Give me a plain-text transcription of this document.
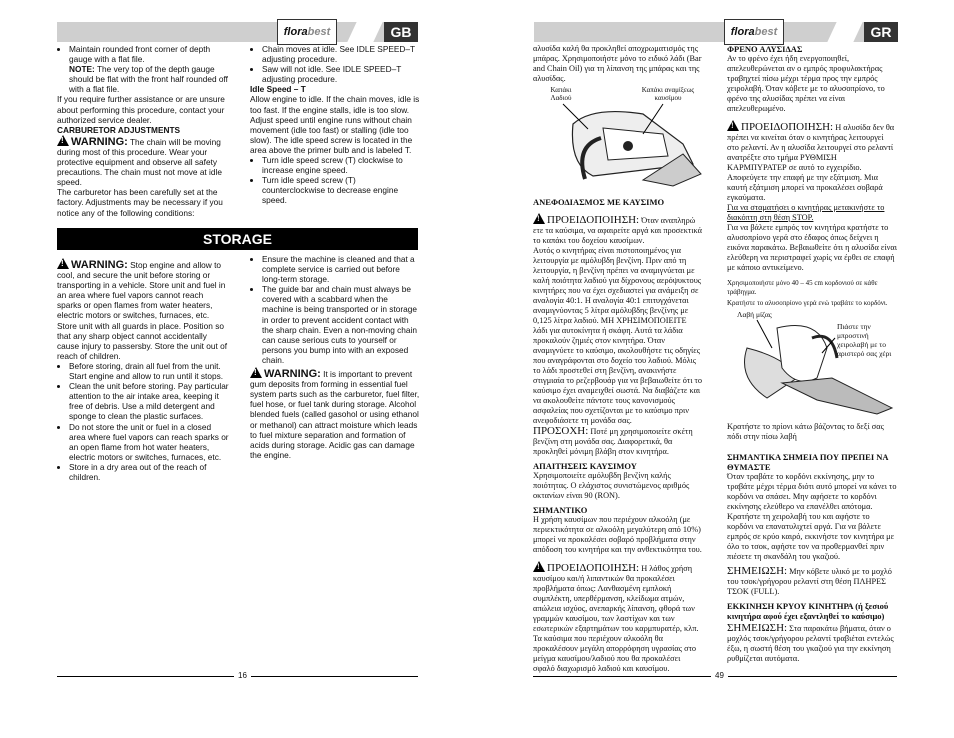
florabest	GB
• Maintain rounded front corner of depth gauge with a flat file.

NOTE: The very top of the depth gauge should be flat with the front half rounded off with a flat file.

If you require further assistance or are unsure about performing this procedure, contact your authorized service dealer.

CARBURETOR ADJUSTMENTS

!WARNING: The chain will be moving during most of this procedure. Wear your protective equipment and observe all safety precautions. The chain must not move at idle speed.

The carburetor has been carefully set at the factory. Adjustments may be necessary if you notice any of the following conditions:

• Chain moves at idle. See IDLE SPEED–T adjusting procedure.
• Saw will not idle. See IDLE SPEED–T adjusting procedure.

Idle Speed – T

Allow engine to idle. If the chain moves, idle is too fast. If the engine stalls, idle is too slow. Adjust speed until engine runs without chain movement (idle too fast) or stalling (idle too slow). The idle speed screw is located in the area above the primer bulb and is labeled T.

• Turn idle speed screw (T) clockwise to increase engine speed.
• Turn idle speed screw (T) counterclockwise to decrease engine speed.
STORAGE

!WARNING: Stop engine and allow to cool, and secure the unit before storing or transporting in a vehicle. Store unit and fuel in an area where fuel vapors cannot reach sparks or open flames from water heaters, electric motors or switches, furnaces, etc. Store unit with all guards in place. Position so that any sharp object cannot accidentally cause injury to passersby. Store the unit out of reach of children.

• Before storing, drain all fuel from the unit. Start engine and allow to run until it stops.
• Clean the unit before storing. Pay particular attention to the air intake area, keeping it free of debris. Use a mild detergent and sponge to clean the plastic surfaces.
• Do not store the unit or fuel in a closed area where fuel vapors can reach sparks or an open flame from hot water heaters, electric motors or switches, furnaces, etc.
• Store in a dry area out of the reach of children.
• Ensure the machine is cleaned and that a complete service is carried out before long-term storage.
• The guide bar and chain must always be covered with a scabbard when the machine is being transported or in storage in order to prevent accident contact with the sharp chain. Even a non-moving chain can cause serious cuts to yourself or persons you bump into with an exposed chain.

!WARNING: It is important to prevent gum deposits from forming in essential fuel system parts such as the carburetor, fuel filter, fuel hose, or fuel tank during storage. Alcohol blended fuels (called gasohol or using ethanol or methanol) can attract moisture which leads to fuel mixture separation and formation of acids during storage. Acidic gas can damage the engine.

16
florabest	GR

αλυσίδα καλή θα προκληθεί αποχρωματισμός της μπάρας. Χρησιμοποιήστε μόνο το ειδικό λάδι (Bar and Chain Oil) για τη λίπανση της μπάρας και της αλυσίδας.

Καπάκι Λαδιού
Καπάκι αναμίξεως καυσίμου
ΑΝΕΦΟΔΙΑΣΜΟΣ ΜΕ ΚΑΥΣΙΜΟ

!ΠΡΟΕΙΔΟΠΟΙΗΣΗ: Όταν αναπληρώ ετε τα καύσιμα, να αφαιρείτε αργά και προσεκτικά το καπάκι του δοχείου καυσίμων.

Αυτός ο κινητήρας είναι πιστοποιημένος για λειτουργία με αμόλυβδη βενζίνη. Πριν από τη λειτουργία, η βενζίνη πρέπει να αναμιγνύεται με καλή ποιότητα λαδιού για δίχρονους αερόψυκτους κινητήρες που να έχει σχεδιαστεί για ανάμειξη σε αναλογία 40:1. Η αναλογία 40:1 επιτυγχάνεται αναμιγνύοντας 5 λίτρα αμόλυβδης βενζίνης με 0,125 λίτρα λαδιού. ΜΗ ΧΡΗΣΙΜΟΠΟΙΕΙΤΕ λάδι για αυτοκίνητα ή σκάφη. Αυτά τα λάδια προκαλούν ζημιές στον κινητήρα. Όταν αναμιγνύετε το καύσιμο, ακολουθήστε τις οδηγίες που αναγράφονται στο δοχείο του λαδιού. Μόλις το λάδι προστεθεί στη βενζίνη, ανακινήστε στιγμιαία το ρεζερβουάρ για να βεβαιωθείτε ότι το καύσιμο έχει αναμειχθεί σωστά. Να διαβάζετε και να ακολουθείτε πάντοτε τους κανονισμούς ασφαλείας που σχετίζονται με το καύσιμο πριν ανεφοδιάσετε τη μονάδα σας.

ΠΡΟΣΟΧΗ: Ποτέ μη χρησιμοποιείτε σκέτη βενζίνη στη μονάδα σας. Διαφορετικά, θα προκληθεί μόνιμη βλάβη στον κινητήρα.

ΑΠΑΙΤΗΣΕΙΣ ΚΑΥΣΙΜΟΥ

Χρησιμοποιείτε αμόλυβδη βενζίνη καλής ποιότητας. Ο ελάχιστος συνιστώμενος αριθμός οκτανίων είναι 90 (RON).

ΣΗΜΑΝΤΙΚΟ

Η χρήση καυσίμων που περιέχουν αλκοόλη (με περιεκτικότητα σε αλκοόλη μεγαλύτερη από 10%) μπορεί να προκαλέσει σοβαρό προβλήματα στην απόδοση του κινητήρα και την ανθεκτικότητα του.

!ΠΡΟΕΙΔΟΠΟΙΗΣΗ: Η λάθος χρήση καυσίμου και/ή λιπαντικών θα προκαλέσει προβλήματα όπως: Λανθασμένη εμπλοκή συμπλέκτη, υπερθέρμανση, κλείδωμα ατμών, απώλεια ισχύος, ανεπαρκής λίπανση, φθορά των γραμμών καυσίμου, των λαστίχων και των εσωτερικών εξαρτημάτων του καρμπυρατέρ, κλπ. Τα καύσιμα που περιέχουν αλκοόλη θα προκαλέσουν μεγάλη απορρόφηση υγρασίας στο μείγμα καυσίμου/λαδιού που θα προκαλέσει σφαλό διαχωρισμό λαδιού και καυσίμου.

ΦΡΕΝΟ ΑΛΥΣΙΔΑΣ

Αν το φρένο έχει ήδη ενεργοποιηθεί, απελευθερώνεται αν ο εμπρός προφυλακτήρας τραβηχτεί πίσω μέχρι τέρμα προς την εμπρός χειρολαβή. Όταν κόβετε με το αλυσοπρίονο, το φρένο της αλυσίδας πρέπει να είναι απελευθερωμένο.

!ΠΡΟΕΙΔΟΠΟΙΗΣΗ: Η αλυσίδα δεν θα πρέπει να κινείται όταν ο κινητήρας λειτουργεί στο ρελαντί. Αν η αλυσίδα λειτουργεί στο ρελαντί ανατρέξτε στο τμήμα ΡΥΘΜΙΣΗ ΚΑΡΜΠΥΡΑΤΕΡ σε αυτό το εγχειρίδιο. Αποφεύγετε την επαφή με την εξάτμιση. Μια καυτή εξάτμιση μπορεί να προκαλέσει σοβαρά εγκαύματα.

Για να σταματήσει ο κινητήρας μετακινήστε το διακόπτη στη θέση STOP.

Για να βάλετε εμπρός τον κινητήρα κρατήστε το αλυσοπρίονο γερά στο έδαφος όπως δείχνει η εικόνα παρακάτω. Βεβαιωθείτε ότι η αλυσίδα είναι ελεύθερη να περιστραφεί χωρίς να έρθει σε επαφή με κάποιο αντικείμενο.

Χρησιμοποιήστε μόνο 40 – 45 cm κορδονιού σε κάθε τράβηγμα.

Κρατήστε το αλυσοπρίονο γερά ενώ τραβάτε το κορδόνι.

Λαβή μίζας
Πιάστε την μπροστινή χειρολαβή με το αριστερό σας χέρι

Κρατήστε το πρίονι κάτω βάζοντας το δεξί σας πόδι στην πίσω λαβή

ΣΗΜΑΝΤΙΚΑ ΣΗΜΕΙΑ ΠΟΥ ΠΡΕΠΕΙ ΝΑ ΘΥΜΑΣΤΕ

Όταν τραβάτε το κορδόνι εκκίνησης, μην το τραβάτε μέχρι τέρμα διότι αυτό μπορεί να κάνει το κορδόνι να σπάσει. Μην αφήσετε το κορδόνι εκκίνησης ελεύθερο να επανέλθει απότομα. Κρατήστε τη χειρολαβή του και αφήστε το κορδόνι να επανατυλιχτεί αργά. Για να βάλετε εμπρός σε κρύο καιρό, εκκινήστε τον κινητήρα με όλο το τσοκ, αφήστε τον να προθερμανθεί πριν πιέσετε τη σκανδάλη του γκαζιού.

ΣΗΜΕΙΩΣΗ: Μην κόβετε υλικό με το μοχλό του τσοκ/γρήγορου ρελαντί στη θέση ΠΛΗΡΕΣ ΤΣΟΚ (FULL).

ΕΚΚΙΝΗΣΗ ΚΡΥΟΥ ΚΙΝΗΤΗΡΑ (ή ξεσιού κινητήρα αφού έχει εξαντληθεί το καύσιμο)

ΣΗΜΕΙΩΣΗ: Στα παρακάτω βήματα, όταν ο μοχλός τσοκ/γρήγορου ρελαντί τραβιέται εντελώς έξω, η σωστή θέση του γκαζιού για την εκκίνηση ρυθμίζεται αυτόματα.

49
